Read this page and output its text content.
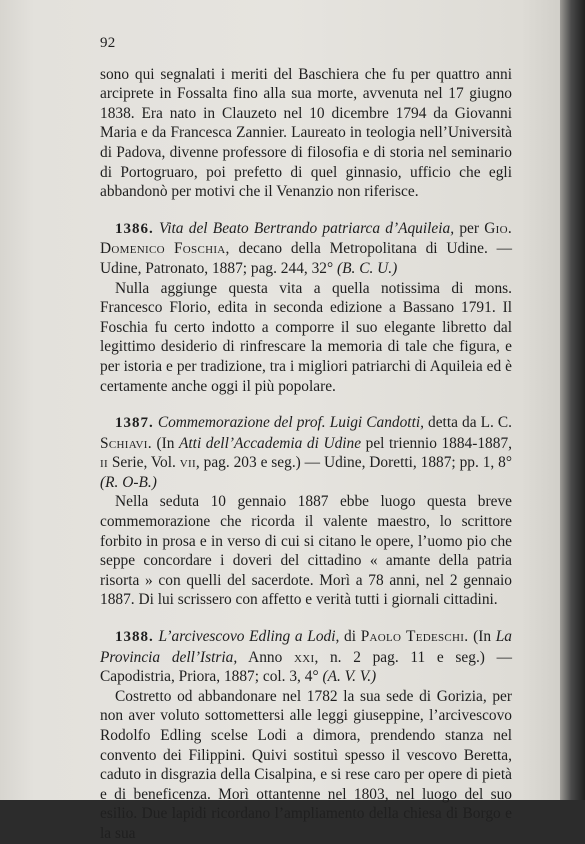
92

sono qui segnalati i meriti del Baschiera che fu per quattro anni arciprete in Fossalta fino alla sua morte, avvenuta nel 17 giugno 1838. Era nato in Clauzeto nel 10 dicembre 1794 da Giovanni Maria e da Francesca Zannier. Laureato in teologia nell’Università di Padova, divenne professore di filosofia e di storia nel seminario di Portogruaro, poi prefetto di quel ginnasio, ufficio che egli abbandonò per motivi che il Venanzio non riferisce.

1386. Vita del Beato Bertrando patriarca d’Aquileia, per Gio. Domenico Foschia, decano della Metropolitana di Udine. — Udine, Patronato, 1887; pag. 244, 32° (B. C. U.)

Nulla aggiunge questa vita a quella notissima di mons. Francesco Florio, edita in seconda edizione a Bassano 1791. Il Foschia fu certo indotto a comporre il suo elegante libretto dal legittimo desiderio di rinfrescare la memoria di tale che figura, e per istoria e per tradizione, tra i migliori patriarchi di Aquileia ed è certamente anche oggi il più popolare.

1387. Commemorazione del prof. Luigi Candotti, detta da L. C. Schiavi. (In Atti dell’Accademia di Udine pel triennio 1884-1887, ii Serie, Vol. vii, pag. 203 e seg.) — Udine, Doretti, 1887; pp. 1, 8° (R. O-B.)

Nella seduta 10 gennaio 1887 ebbe luogo questa breve commemorazione che ricorda il valente maestro, lo scrittore forbito in prosa e in verso di cui si citano le opere, l’uomo pio che seppe concordare i doveri del cittadino « amante della patria risorta » con quelli del sacerdote. Morì a 78 anni, nel 2 gennaio 1887. Di lui scrissero con affetto e verità tutti i giornali cittadini.

1388. L’arcivescovo Edling a Lodi, di Paolo Tedeschi. (In La Provincia dell’Istria, Anno xxi, n. 2 pag. 11 e seg.) — Capodistria, Priora, 1887; col. 3, 4° (A. V. V.)

Costretto od abbandonare nel 1782 la sua sede di Gorizia, per non aver voluto sottomettersi alle leggi giuseppine, l’arcivescovo Rodolfo Edling scelse Lodi a dimora, prendendo stanza nel convento dei Filippini. Quivi sostituì spesso il vescovo Beretta, caduto in disgrazia della Cisalpina, e si rese caro per opere di pietà e di beneficenza. Morì ottantenne nel 1803, nel luogo del suo esilio. Due lapidi ricordano l’ampliamento della chiesa di Borgo e la sua
